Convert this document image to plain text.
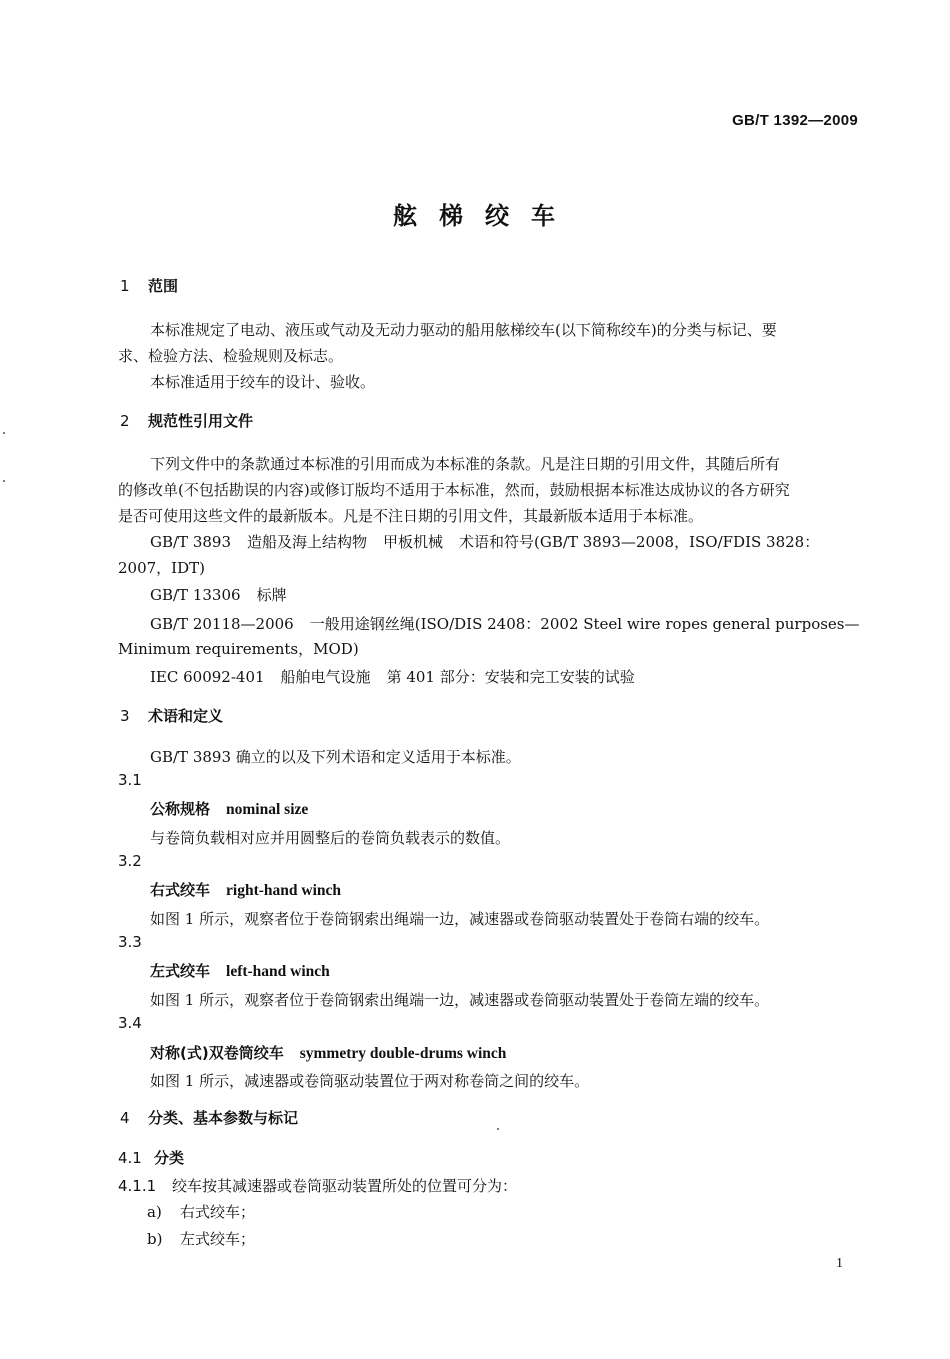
GB/T 1392—2009
舷梯绞车
1 范围
本标准规定了电动、液压或气动及无动力驱动的船用舷梯绞车(以下简称绞车)的分类与标记、要
求、检验方法、检验规则及标志。
本标准适用于绞车的设计、验收。
2 规范性引用文件
下列文件中的条款通过本标准的引用而成为本标准的条款。凡是注日期的引用文件，其随后所有
的修改单(不包括勘误的内容)或修订版均不适用于本标准，然而，鼓励根据本标准达成协议的各方研究
是否可使用这些文件的最新版本。凡是不注日期的引用文件，其最新版本适用于本标准。
GB/T 3893 造船及海上结构物 甲板机械 术语和符号(GB/T 3893—2008，ISO/FDIS 3828：
2007，IDT)
GB/T 13306 标牌
GB/T 20118—2006 一般用途钢丝绳(ISO/DIS 2408：2002 Steel wire ropes general purposes—
Minimum requirements，MOD)
IEC 60092-401 船舶电气设施 第 401 部分：安装和完工安装的试验
3 术语和定义
GB/T 3893 确立的以及下列术语和定义适用于本标准。
3.1
公称规格 nominal size
与卷筒负载相对应并用圆整后的卷筒负载表示的数值。
3.2
右式绞车 right-hand winch
如图 1 所示，观察者位于卷筒钢索出绳端一边，减速器或卷筒驱动装置处于卷筒右端的绞车。
3.3
左式绞车 left-hand winch
如图 1 所示，观察者位于卷筒钢索出绳端一边，减速器或卷筒驱动装置处于卷筒左端的绞车。
3.4
对称(式)双卷筒绞车 symmetry double-drums winch
如图 1 所示，减速器或卷筒驱动装置位于两对称卷筒之间的绞车。
4 分类、基本参数与标记
4.1 分类
4.1.1 绞车按其减速器或卷筒驱动装置所处的位置可分为：
a) 右式绞车；
b) 左式绞车；
1
